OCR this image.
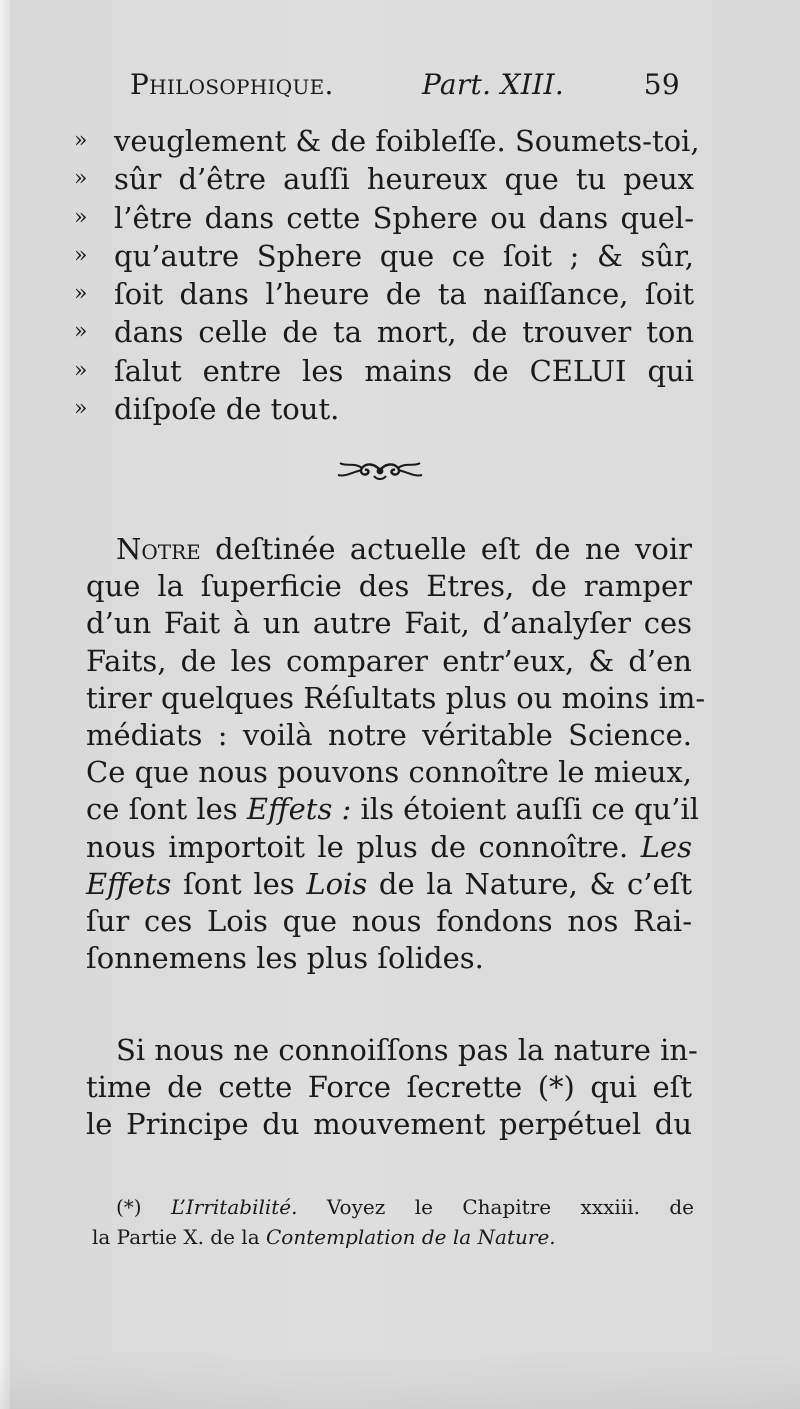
Philosophique.	Part. XIII.	59
» veuglement & de foibleſſe. Soumets-toi,
» sûr d’être auſſi heureux que tu peux
» l’être dans cette Sphere ou dans quel-
» qu’autre Sphere que ce ſoit ; & sûr,
» ſoit dans l’heure de ta naiſſance, ſoit
» dans celle de ta mort, de trouver ton
» ſalut entre les mains de CELUI qui
» diſpoſe de tout.
Notre deſtinée actuelle eſt de ne voir
que la ſuperficie des Etres, de ramper
d’un Fait à un autre Fait, d’analyſer ces
Faits, de les comparer entr’eux, & d’en
tirer quelques Réſultats plus ou moins im-
médiats : voilà notre véritable Science.
Ce que nous pouvons connoître le mieux,
ce ſont les Effets : ils étoient auſſi ce qu’il
nous importoit le plus de connoître. Les
Effets ſont les Lois de la Nature, & c’eſt
ſur ces Lois que nous fondons nos Rai-
ſonnemens les plus ſolides.
Si nous ne connoiſſons pas la nature in-
time de cette Force ſecrette (*) qui eſt
le Principe du mouvement perpétuel du
(*) L’Irritabilité. Voyez le Chapitre xxxiii. de
la Partie X. de la Contemplation de la Nature.
